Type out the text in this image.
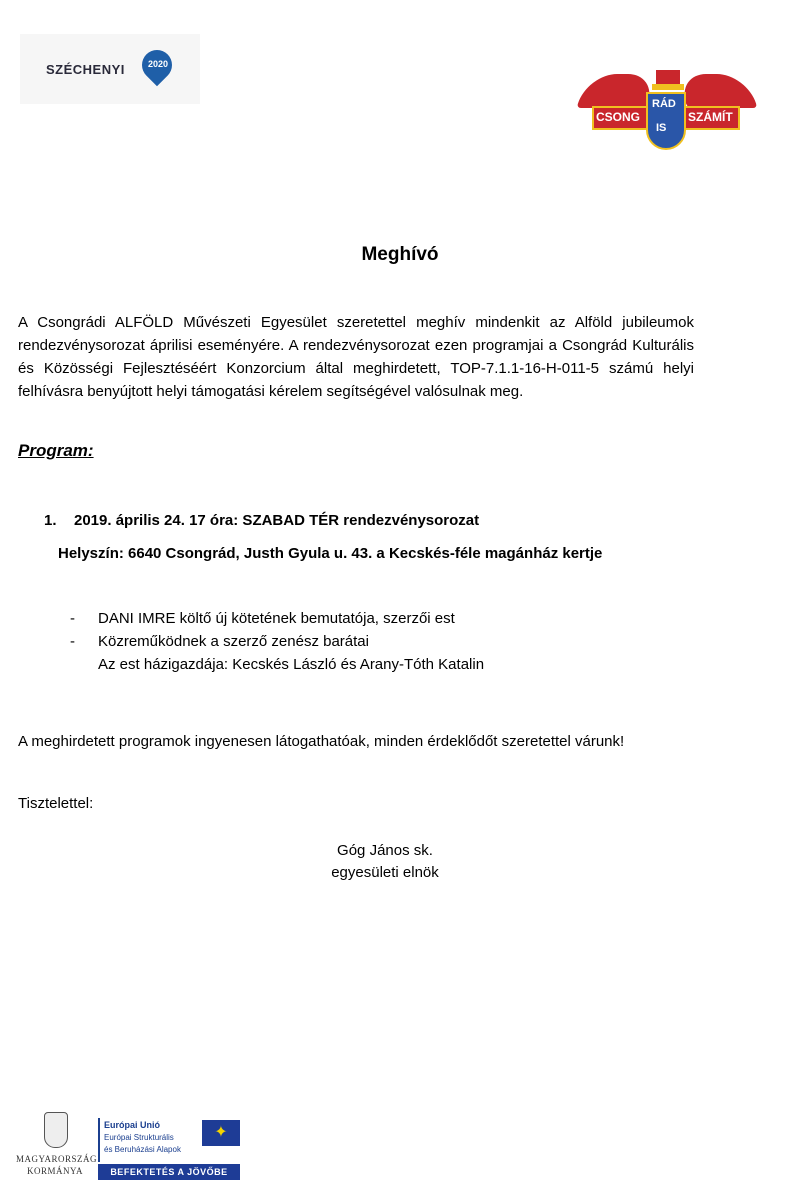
SZÉCHENYI	2020
CSONG
RÁD
SZÁMÍT
IS
Meghívó
A Csongrádi ALFÖLD Művészeti Egyesület szeretettel meghív mindenkit az Alföld jubileumok rendezvénysorozat áprilisi eseményére. A rendezvénysorozat ezen programjai a Csongrád Kulturális és Közösségi Fejlesztéséért Konzorcium által meghirdetett, TOP-7.1.1-16-H-011-5 számú helyi felhívásra benyújtott helyi támogatási kérelem segítségével valósulnak meg.
Program:
1. 2019. április 24. 17 óra: SZABAD TÉR rendezvénysorozat
Helyszín: 6640 Csongrád, Justh Gyula u. 43. a Kecskés-féle magánház kertje
- DANI IMRE költő új kötetének bemutatója, szerzői est
- Közreműködnek a szerző zenész barátai
Az est házigazdája: Kecskés László és Arany-Tóth Katalin
A meghirdetett programok ingyenesen látogathatóak, minden érdeklődőt szeretettel várunk!
Tisztelettel:
Góg János sk.
egyesületi elnök
MAGYARORSZÁG
KORMÁNYA
Európai Unió
Európai Strukturális
és Beruházási Alapok
✦
BEFEKTETÉS A JÖVŐBE
